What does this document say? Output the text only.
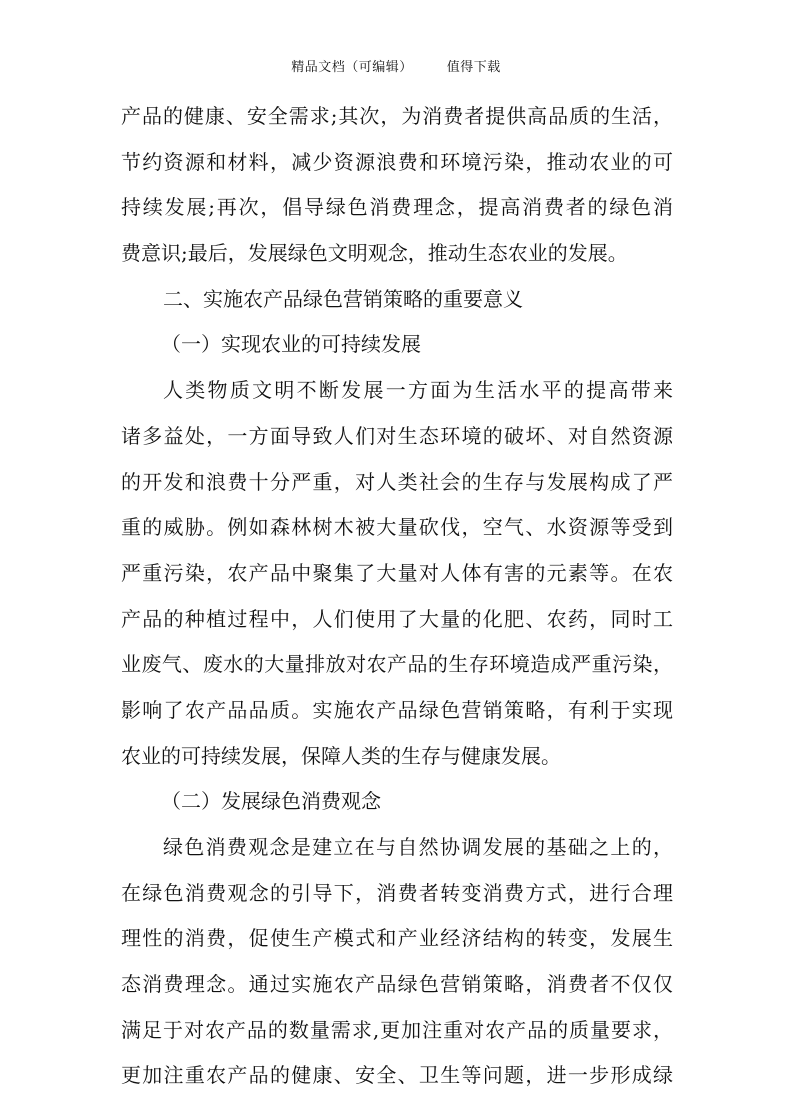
精品文档（可编辑）	值得下载
产品的健康、安全需求;其次，为消费者提供高品质的生活，
节约资源和材料，减少资源浪费和环境污染，推动农业的可
持续发展;再次，倡导绿色消费理念，提高消费者的绿色消
费意识;最后，发展绿色文明观念，推动生态农业的发展。
二、实施农产品绿色营销策略的重要意义
（一）实现农业的可持续发展
人类物质文明不断发展一方面为生活水平的提高带来
诸多益处，一方面导致人们对生态环境的破坏、对自然资源
的开发和浪费十分严重，对人类社会的生存与发展构成了严
重的威胁。例如森林树木被大量砍伐，空气、水资源等受到
严重污染，农产品中聚集了大量对人体有害的元素等。在农
产品的种植过程中，人们使用了大量的化肥、农药，同时工
业废气、废水的大量排放对农产品的生存环境造成严重污染，
影响了农产品品质。实施农产品绿色营销策略，有利于实现
农业的可持续发展，保障人类的生存与健康发展。
（二）发展绿色消费观念
绿色消费观念是建立在与自然协调发展的基础之上的，
在绿色消费观念的引导下，消费者转变消费方式，进行合理
理性的消费，促使生产模式和产业经济结构的转变，发展生
态消费理念。通过实施农产品绿色营销策略，消费者不仅仅
满足于对农产品的数量需求,更加注重对农产品的质量要求，
更加注重农产品的健康、安全、卫生等问题，进一步形成绿
